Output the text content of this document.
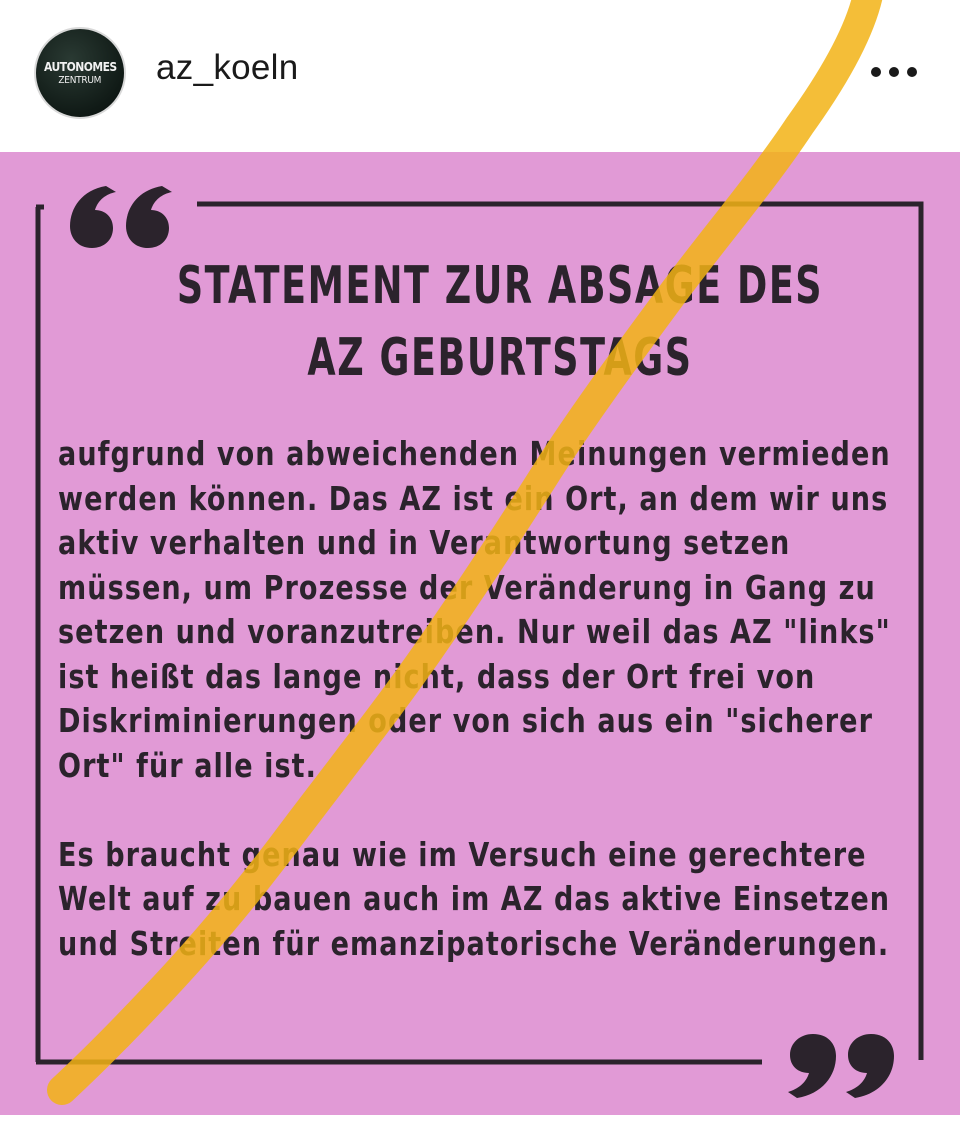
AUTONOMES
ZENTRUM az_koeln
STATEMENT ZUR ABSAGE DES
AZ GEBURTSTAGS
aufgrund von abweichenden Meinungen vermieden
werden können. Das AZ ist ein Ort, an dem wir uns
aktiv verhalten und in Verantwortung setzen
müssen, um Prozesse der Veränderung in Gang zu
setzen und voranzutreiben. Nur weil das AZ "links"
ist heißt das lange nicht, dass der Ort frei von
Diskriminierungen oder von sich aus ein "sicherer
Ort" für alle ist.
Es braucht genau wie im Versuch eine gerechtere
Welt auf zu bauen auch im AZ das aktive Einsetzen
und Streiten für emanzipatorische Veränderungen.
